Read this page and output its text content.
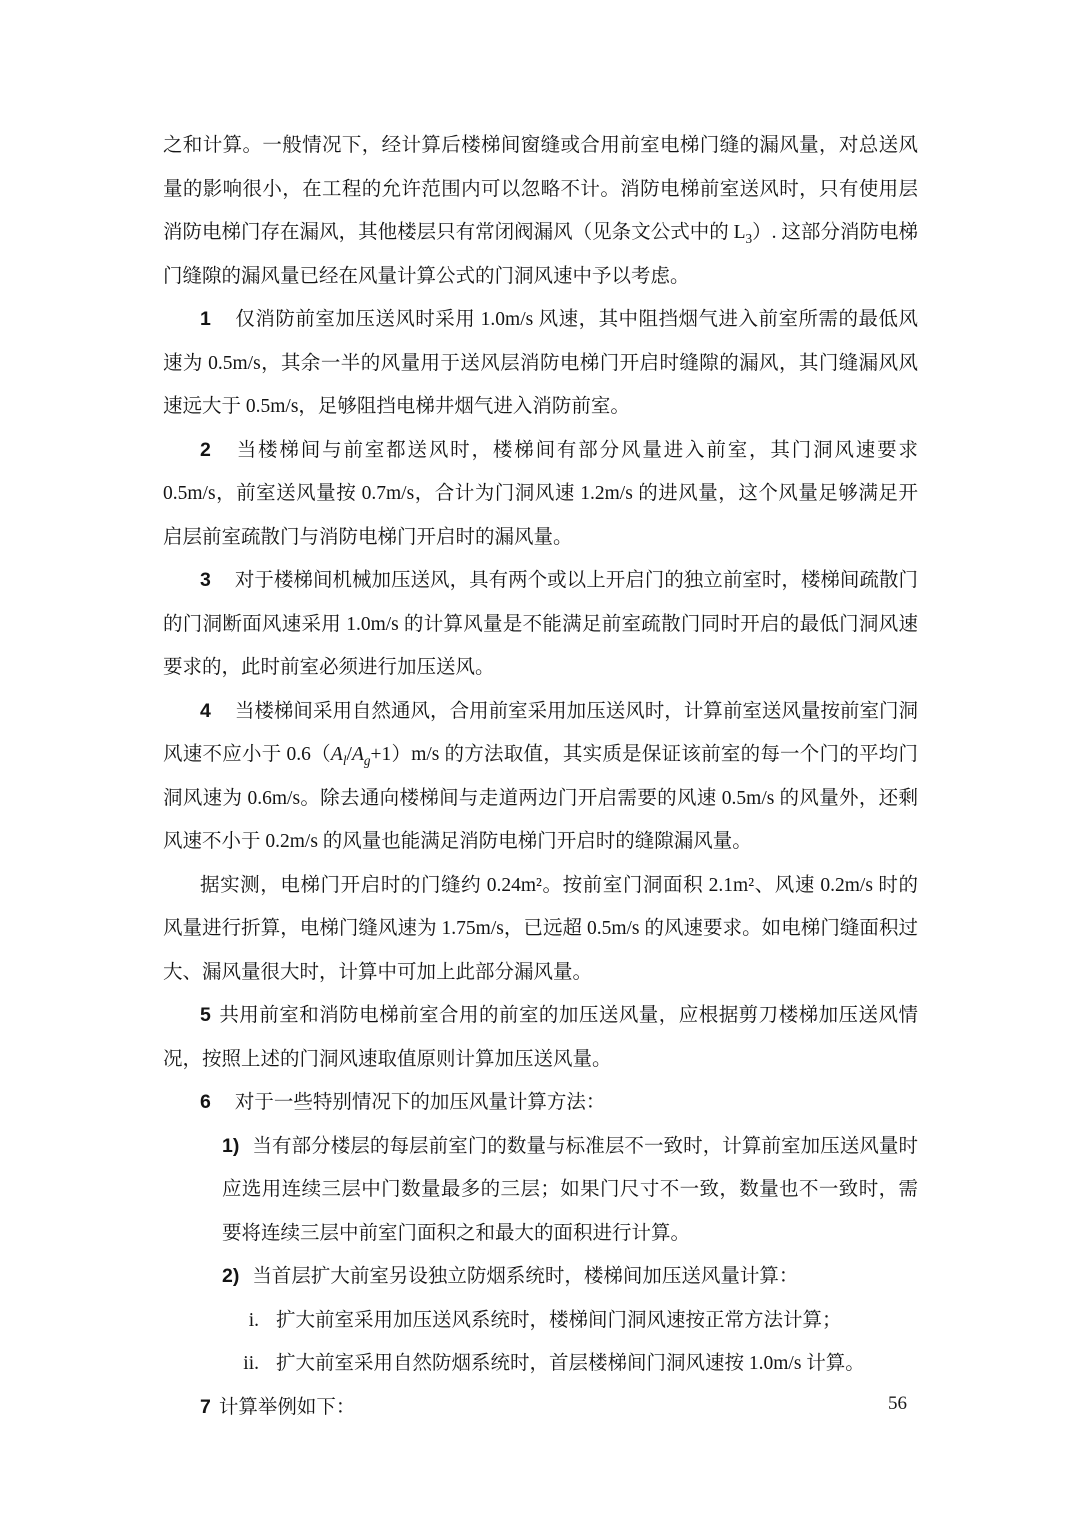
之和计算。一般情况下，经计算后楼梯间窗缝或合用前室电梯门缝的漏风量，对总送风量的影响很小，在工程的允许范围内可以忽略不计。消防电梯前室送风时，只有使用层消防电梯门存在漏风，其他楼层只有常闭阀漏风（见条文公式中的 $L_3$）. 这部分消防电梯门缝隙的漏风量已经在风量计算公式的门洞风速中予以考虑。

1 仅消防前室加压送风时采用 1.0m/s 风速，其中阻挡烟气进入前室所需的最低风速为 0.5m/s，其余一半的风量用于送风层消防电梯门开启时缝隙的漏风，其门缝漏风风速远大于 0.5m/s，足够阻挡电梯井烟气进入消防前室。

2 当楼梯间与前室都送风时，楼梯间有部分风量进入前室，其门洞风速要求 0.5m/s，前室送风量按 0.7m/s，合计为门洞风速 1.2m/s 的进风量，这个风量足够满足开启层前室疏散门与消防电梯门开启时的漏风量。

3 对于楼梯间机械加压送风，具有两个或以上开启门的独立前室时，楼梯间疏散门的门洞断面风速采用 1.0m/s 的计算风量是不能满足前室疏散门同时开启的最低门洞风速要求的，此时前室必须进行加压送风。

4 当楼梯间采用自然通风，合用前室采用加压送风时，计算前室送风量按前室门洞风速不应小于 $0.6(A_l/A_g+1)m/s$ 的方法取值，其实质是保证该前室的每一个门的平均门洞风速为 0.6m/s。除去通向楼梯间与走道两边门开启需要的风速 0.5m/s 的风量外，还剩风速不小于 0.2m/s 的风量也能满足消防电梯门开启时的缝隙漏风量。

据实测，电梯门开启时的门缝约 0.24m²。按前室门洞面积 2.1m²、风速 0.2m/s 时的风量进行折算，电梯门缝风速为 1.75m/s，已远超 0.5m/s 的风速要求。如电梯门缝面积过大、漏风量很大时，计算中可加上此部分漏风量。

5 共用前室和消防电梯前室合用的前室的加压送风量，应根据剪刀楼梯加压送风情况，按照上述的门洞风速取值原则计算加压送风量。

6 对于一些特别情况下的加压风量计算方法：

1) 当有部分楼层的每层前室门的数量与标准层不一致时，计算前室加压送风量时应选用连续三层中门数量最多的三层；如果门尺寸不一致，数量也不一致时，需要将连续三层中前室门面积之和最大的面积进行计算。

2) 当首层扩大前室另设独立防烟系统时，楼梯间加压送风量计算：

i. 扩大前室采用加压送风系统时，楼梯间门洞风速按正常方法计算；

ii. 扩大前室采用自然防烟系统时，首层楼梯间门洞风速按 1.0m/s 计算。

7 计算举例如下：	56
